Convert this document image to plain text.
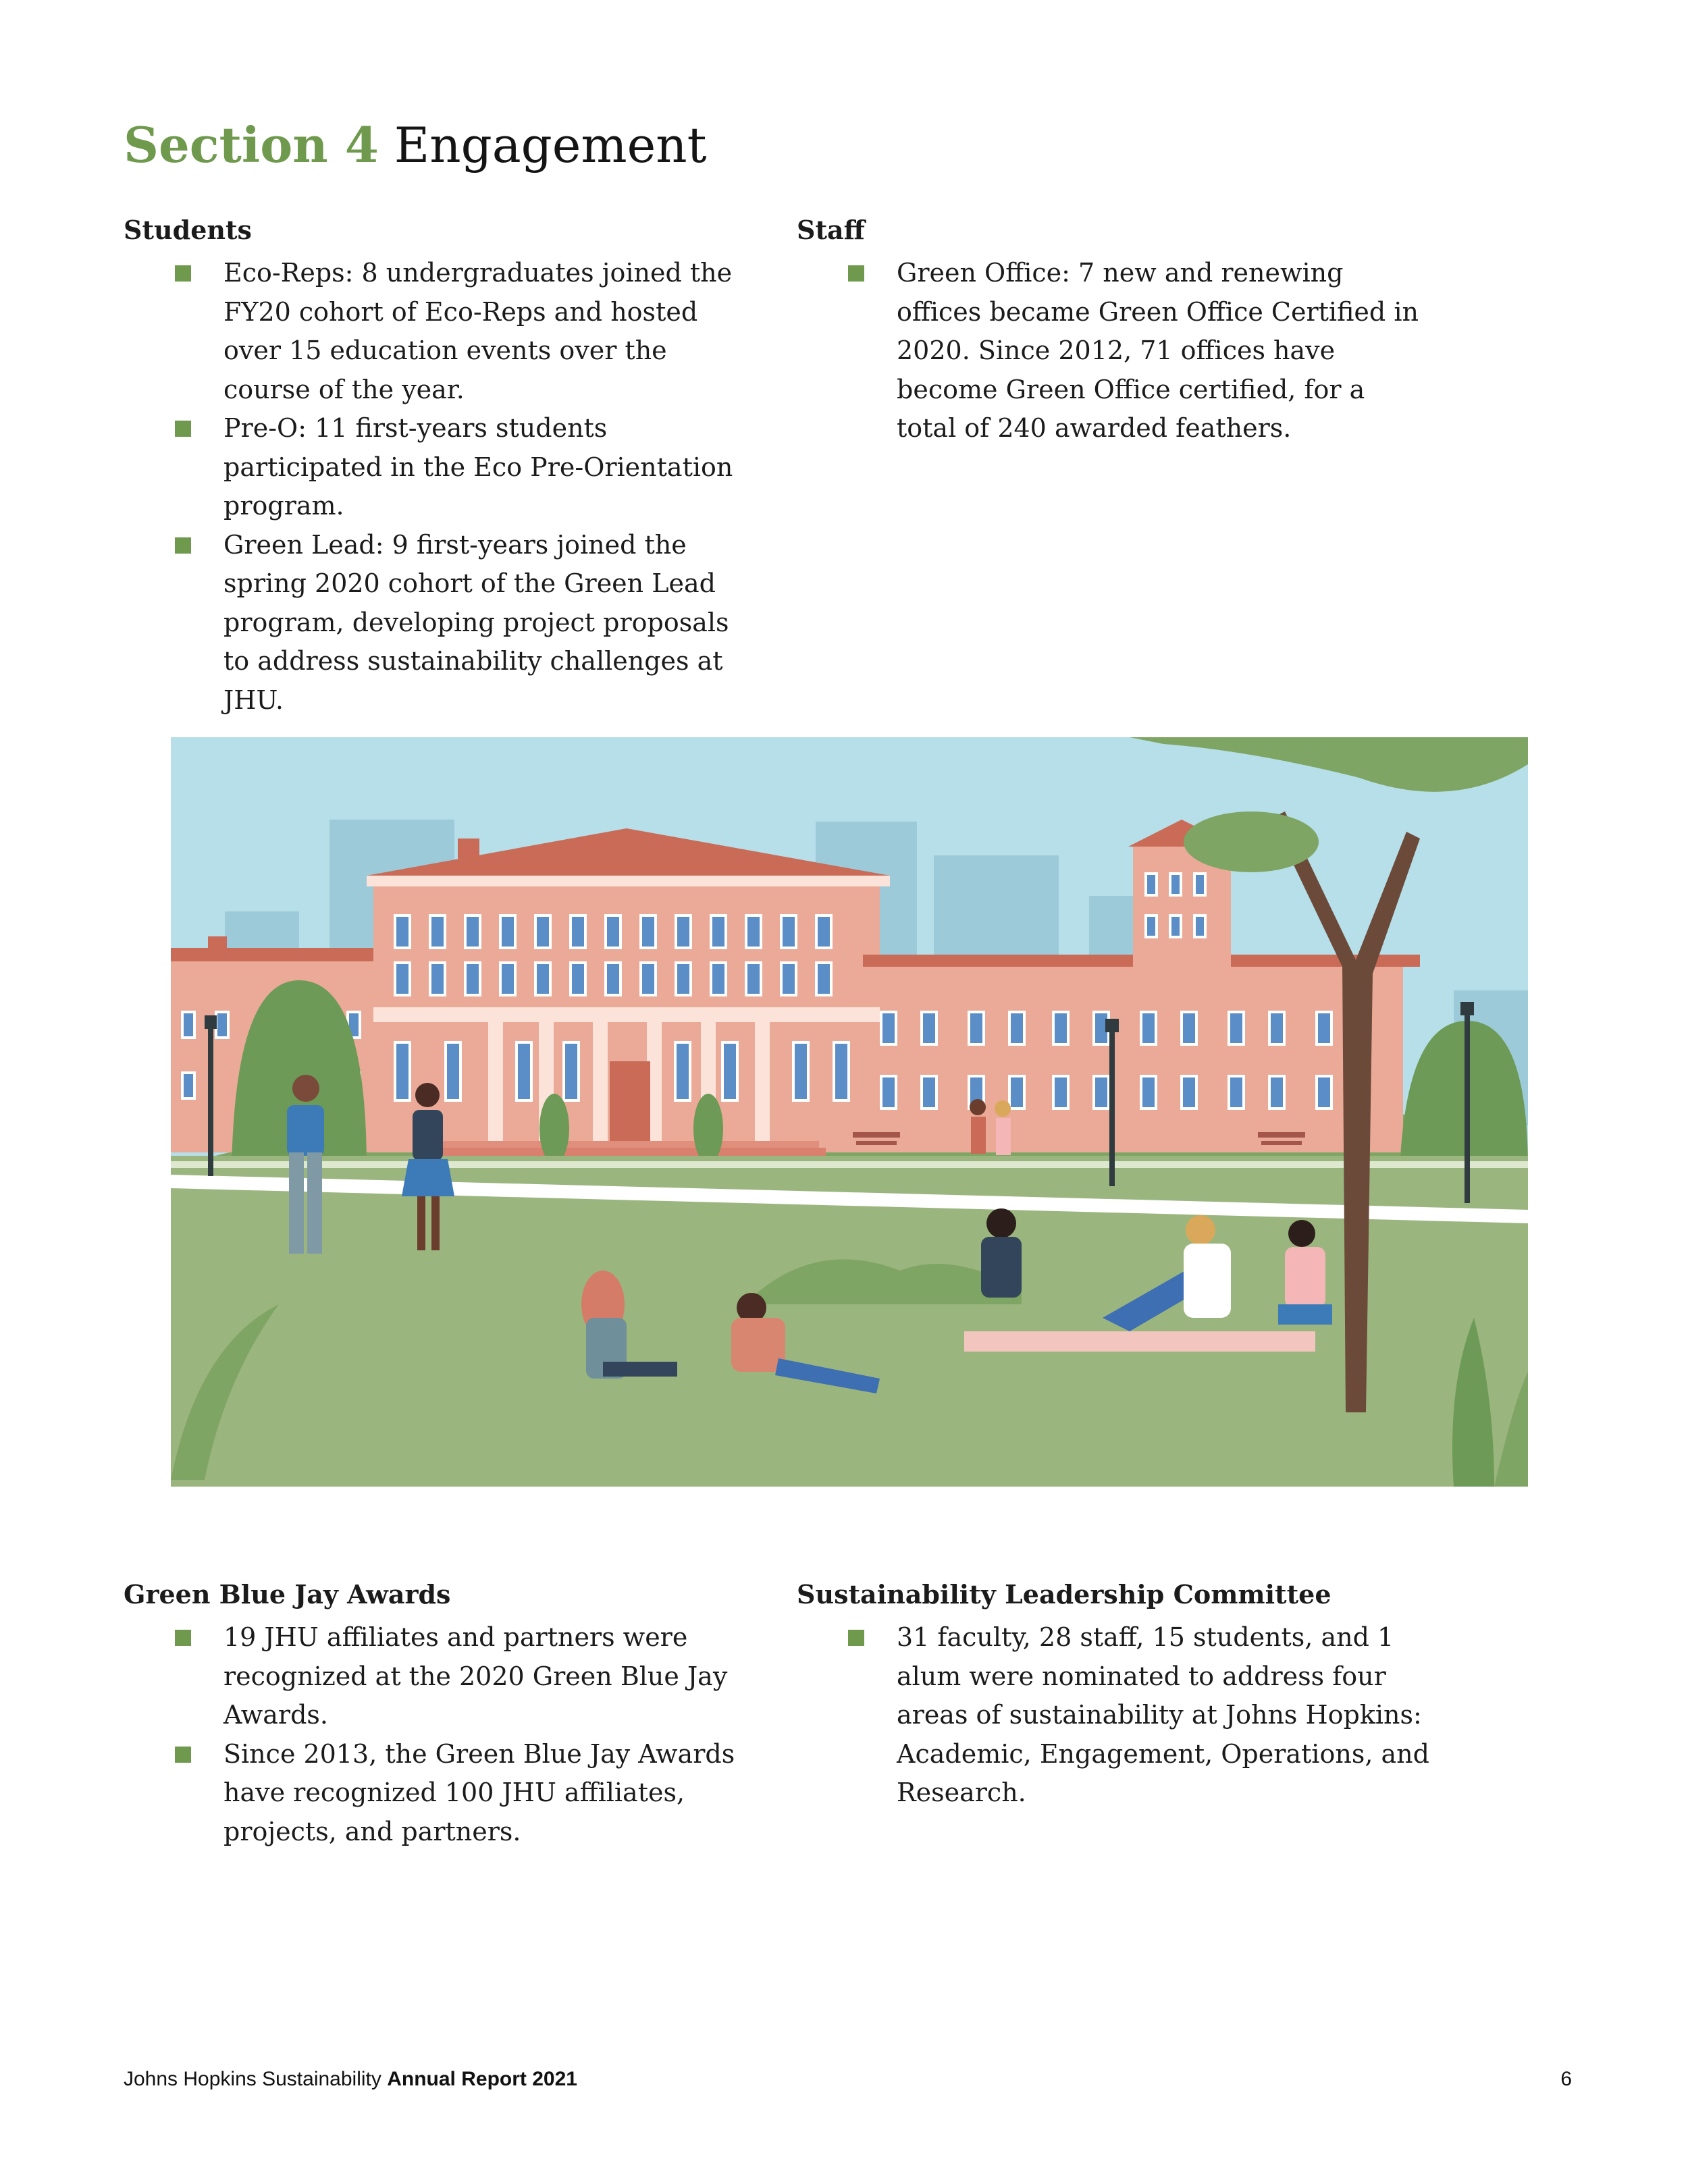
Section 4 Engagement
Students
Eco-Reps: 8 undergraduates joined the FY20 cohort of Eco-Reps and hosted over 15 education events over the course of the year.
Pre-O: 11 first-years students participated in the Eco Pre-Orientation program.
Green Lead: 9 first-years joined the spring 2020 cohort of the Green Lead program, developing project proposals to address sustainability challenges at JHU.
Staff
Green Office: 7 new and renewing offices became Green Office Certified in 2020. Since 2012, 71 offices have become Green Office certified, for a total of 240 awarded feathers.
Green Blue Jay Awards
19 JHU affiliates and partners were recognized at the 2020 Green Blue Jay Awards.
Since 2013, the Green Blue Jay Awards have recognized 100 JHU affiliates, projects, and partners.
Sustainability Leadership Committee
31 faculty, 28 staff, 15 students, and 1 alum were nominated to address four areas of sustainability at Johns Hopkins: Academic, Engagement, Operations, and Research.
Johns Hopkins Sustainability Annual Report 2021	6
